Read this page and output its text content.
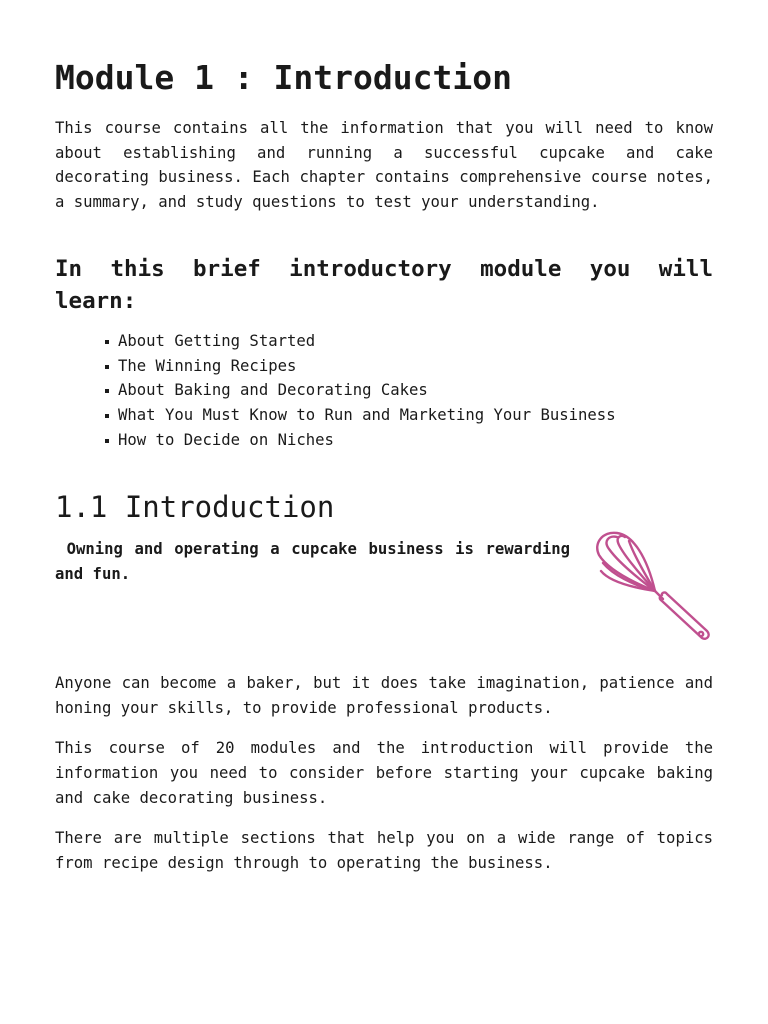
Module 1 : Introduction

This course contains all the information that you will need to know about establishing and running a successful cupcake and cake decorating business. Each chapter contains comprehensive course notes, a summary, and study questions to test your understanding.

In this brief introductory module you will learn:
About Getting Started
The Winning Recipes
About Baking and Decorating Cakes
What You Must Know to Run and Marketing Your Business
How to Decide on Niches
1.1 Introduction
Owning and operating a cupcake business is rewarding and fun.

Anyone can become a baker, but it does take imagination, patience and honing your skills, to provide professional products.

This course of 20 modules and the introduction will provide the information you need to consider before starting your cupcake baking and cake decorating business.

There are multiple sections that help you on a wide range of topics from recipe design through to operating the business.
